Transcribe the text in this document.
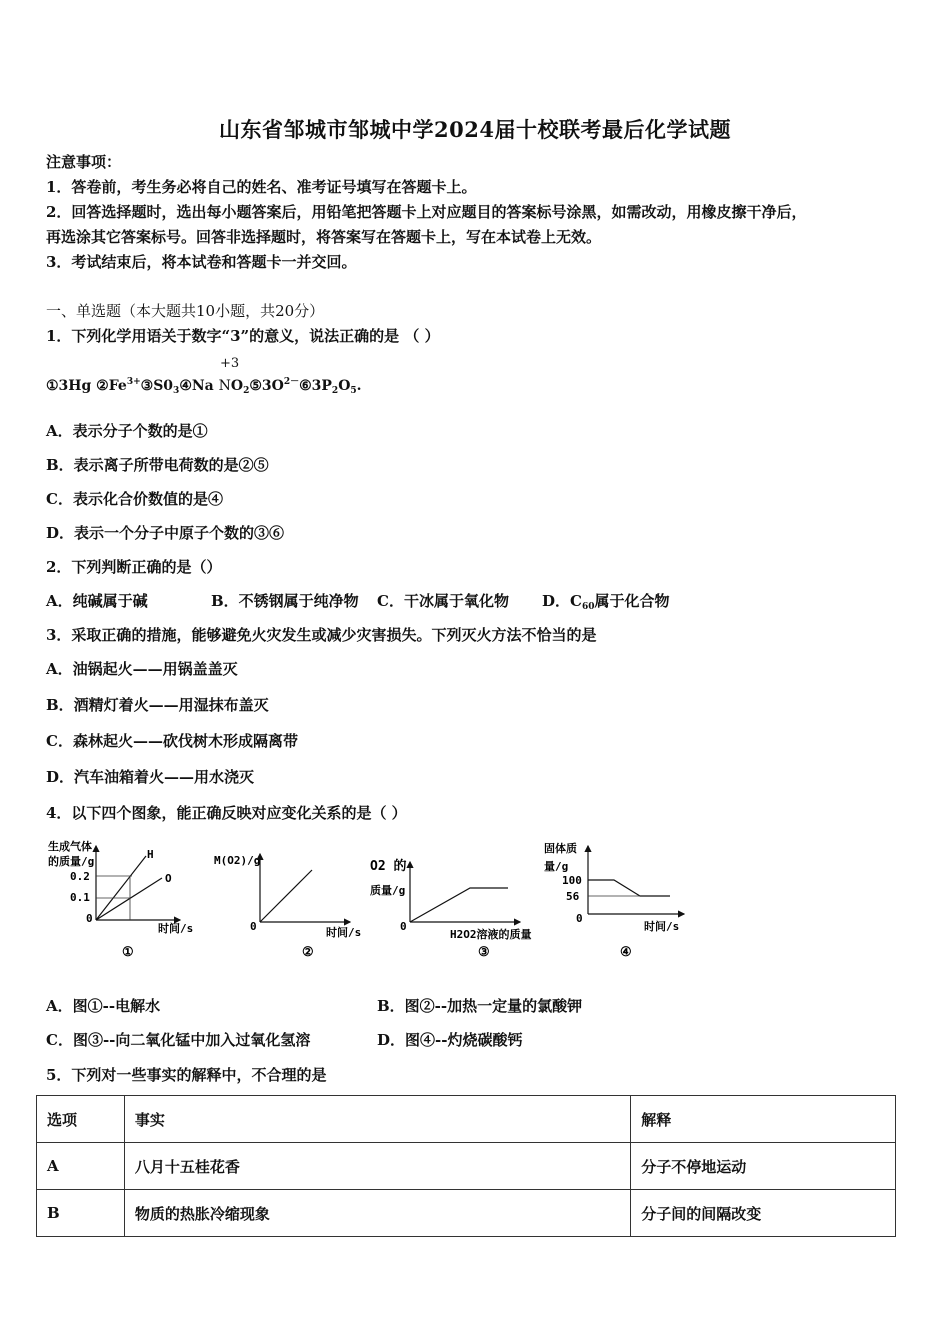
山东省邹城市邹城中学2024届十校联考最后化学试题
注意事项：
1．答卷前，考生务必将自己的姓名、准考证号填写在答题卡上。
2．回答选择题时，选出每小题答案后，用铅笔把答题卡上对应题目的答案标号涂黑，如需改动，用橡皮擦干净后，
再选涂其它答案标号。回答非选择题时，将答案写在答题卡上，写在本试卷上无效。
3．考试结束后，将本试卷和答题卡一并交回。
一、单选题（本大题共10小题，共20分）
1．下列化学用语关于数字“3”的意义，说法正确的是 （ ）
+3
①3Hg $②Fe^{3+}③S0_3④Na$ $NO_2⑤3O^{2-}⑥3P_2O_5$.
A．表示分子个数的是①
B．表示离子所带电荷数的是②⑤
C．表示化合价数值的是④
D．表示一个分子中原子个数的③⑥
2．下列判断正确的是（）
A．纯碱属于碱	B．不锈钢属于纯净物 C．干冰属于氧化物 D．$C_{60}$属于化合物
3．采取正确的措施，能够避免火灾发生或减少灾害损失。下列灭火方法不恰当的是
A．油锅起火——用锅盖盖灭
B．酒精灯着火——用湿抹布盖灭
C．森林起火——砍伐树木形成隔离带
D．汽车油箱着火——用水浇灭
4．以下四个图象，能正确反映对应变化关系的是（ ）
生成气体
的质量/g
0.2
0.1
0
H
O
时间/s
①
M(O2)/g
0	时间/s
②
O2 的
质量/g
0
H2O2溶液的质量
③
固体质
量/g
100
56
0
时间/s
④
A．图①--电解水	B．图②--加热一定量的氯酸钾
C．图③--向二氧化锰中加入过氧化氢溶	D．图④--灼烧碳酸钙
5．下列对一些事实的解释中，不合理的是
选项	事实	解释
A	八月十五桂花香	分子不停地运动
B	物质的热胀冷缩现象	分子间的间隔改变
